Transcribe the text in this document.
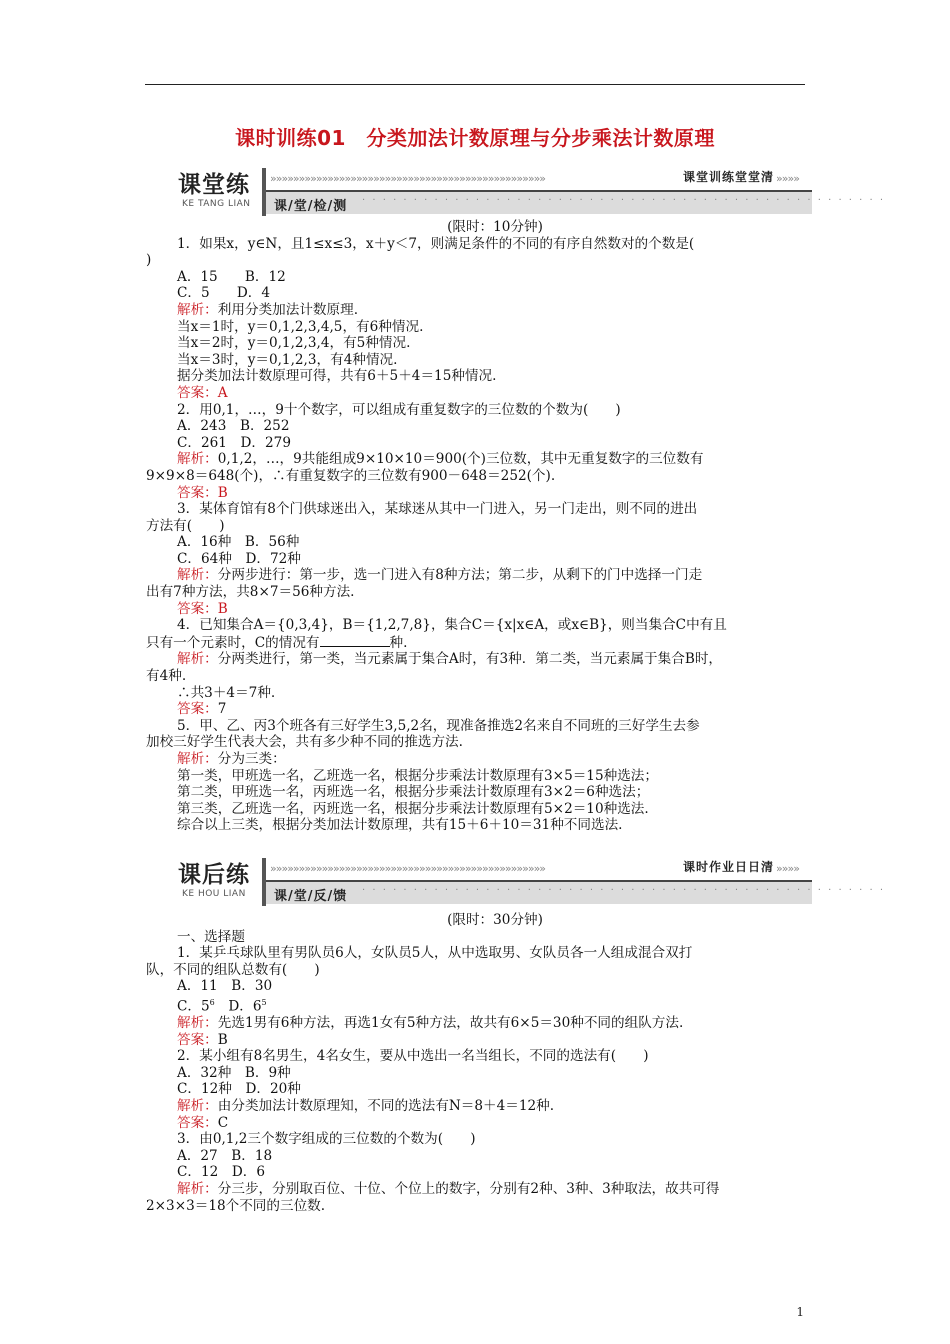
课时训练01　分类加法计数原理与分步乘法计数原理
课堂练
KE TANG LIAN
»»»»»»»»»»»»»»»»»»»»»»»»»»»»»»»»»»»»»»»»»»»»»»»»	课堂训练堂堂清 »»»»
课/堂/检/测 · · · · · · · · · · · · · · · · · · · · · · · · · · · · · · · · · · · · · · · · · · · · · · · · · · ·

(限时：10分钟)

1．如果x，y∈N，且1≤x≤3，x＋y＜7，则满足条件的不同的有序自然数对的个数是(

)

A．15　　B．12

C．5　　D．4

解析：利用分类加法计数原理.

当x＝1时，y＝0,1,2,3,4,5，有6种情况.

当x＝2时，y＝0,1,2,3,4，有5种情况.

当x＝3时，y＝0,1,2,3，有4种情况.

据分类加法计数原理可得，共有6＋5＋4＝15种情况.

答案：A

2．用0,1，…，9十个数字，可以组成有重复数字的三位数的个数为(　　)

A．243　B．252

C．261　D．279

解析：0,1,2，…，9共能组成9×10×10＝900(个)三位数，其中无重复数字的三位数有

9×9×8＝648(个)，∴有重复数字的三位数有900－648＝252(个).

答案：B

3．某体育馆有8个门供球迷出入，某球迷从其中一门进入，另一门走出，则不同的进出

方法有(　　)

A．16种　B．56种

C．64种　D．72种

解析：分两步进行：第一步，选一门进入有8种方法；第二步，从剩下的门中选择一门走

出有7种方法，共8×7＝56种方法.

答案：B

4．已知集合A＝{0,3,4}，B＝{1,2,7,8}，集合C＝{x|x∈A，或x∈B}，则当集合C中有且

只有一个元素时，C的情况有	种.

解析：分两类进行，第一类，当元素属于集合A时，有3种．第二类，当元素属于集合B时，

有4种.

∴共3＋4＝7种.

答案：7

5．甲、乙、丙3个班各有三好学生3,5,2名，现准备推选2名来自不同班的三好学生去参

加校三好学生代表大会，共有多少种不同的推选方法.

解析：分为三类：

第一类，甲班选一名，乙班选一名，根据分步乘法计数原理有3×5＝15种选法；

第二类，甲班选一名，丙班选一名，根据分步乘法计数原理有3×2＝6种选法；

第三类，乙班选一名，丙班选一名，根据分步乘法计数原理有5×2＝10种选法.

综合以上三类，根据分类加法计数原理，共有15＋6＋10＝31种不同选法.

课后练
KE HOU LIAN
»»»»»»»»»»»»»»»»»»»»»»»»»»»»»»»»»»»»»»»»»»»»»»»»	课时作业日日清 »»»»
课/堂/反/馈 · · · · · · · · · · · · · · · · · · · · · · · · · · · · · · · · · · · · · · · · · · · · · · · · · · ·

(限时：30分钟)

一、选择题

1．某乒乓球队里有男队员6人，女队员5人，从中选取男、女队员各一人组成混合双打

队，不同的组队总数有(　　)

A．11　B．30

C．$5^6$　D．$6^5$

解析：先选1男有6种方法，再选1女有5种方法，故共有6×5＝30种不同的组队方法.

答案：B

2．某小组有8名男生，4名女生，要从中选出一名当组长，不同的选法有(　　)

A．32种　B．9种

C．12种　D．20种

解析：由分类加法计数原理知，不同的选法有N＝8＋4＝12种.

答案：C

3．由0,1,2三个数字组成的三位数的个数为(　　)

A．27　B．18

C．12　D．6

解析：分三步，分别取百位、十位、个位上的数字，分别有2种、3种、3种取法，故共可得

2×3×3＝18个不同的三位数.

1
